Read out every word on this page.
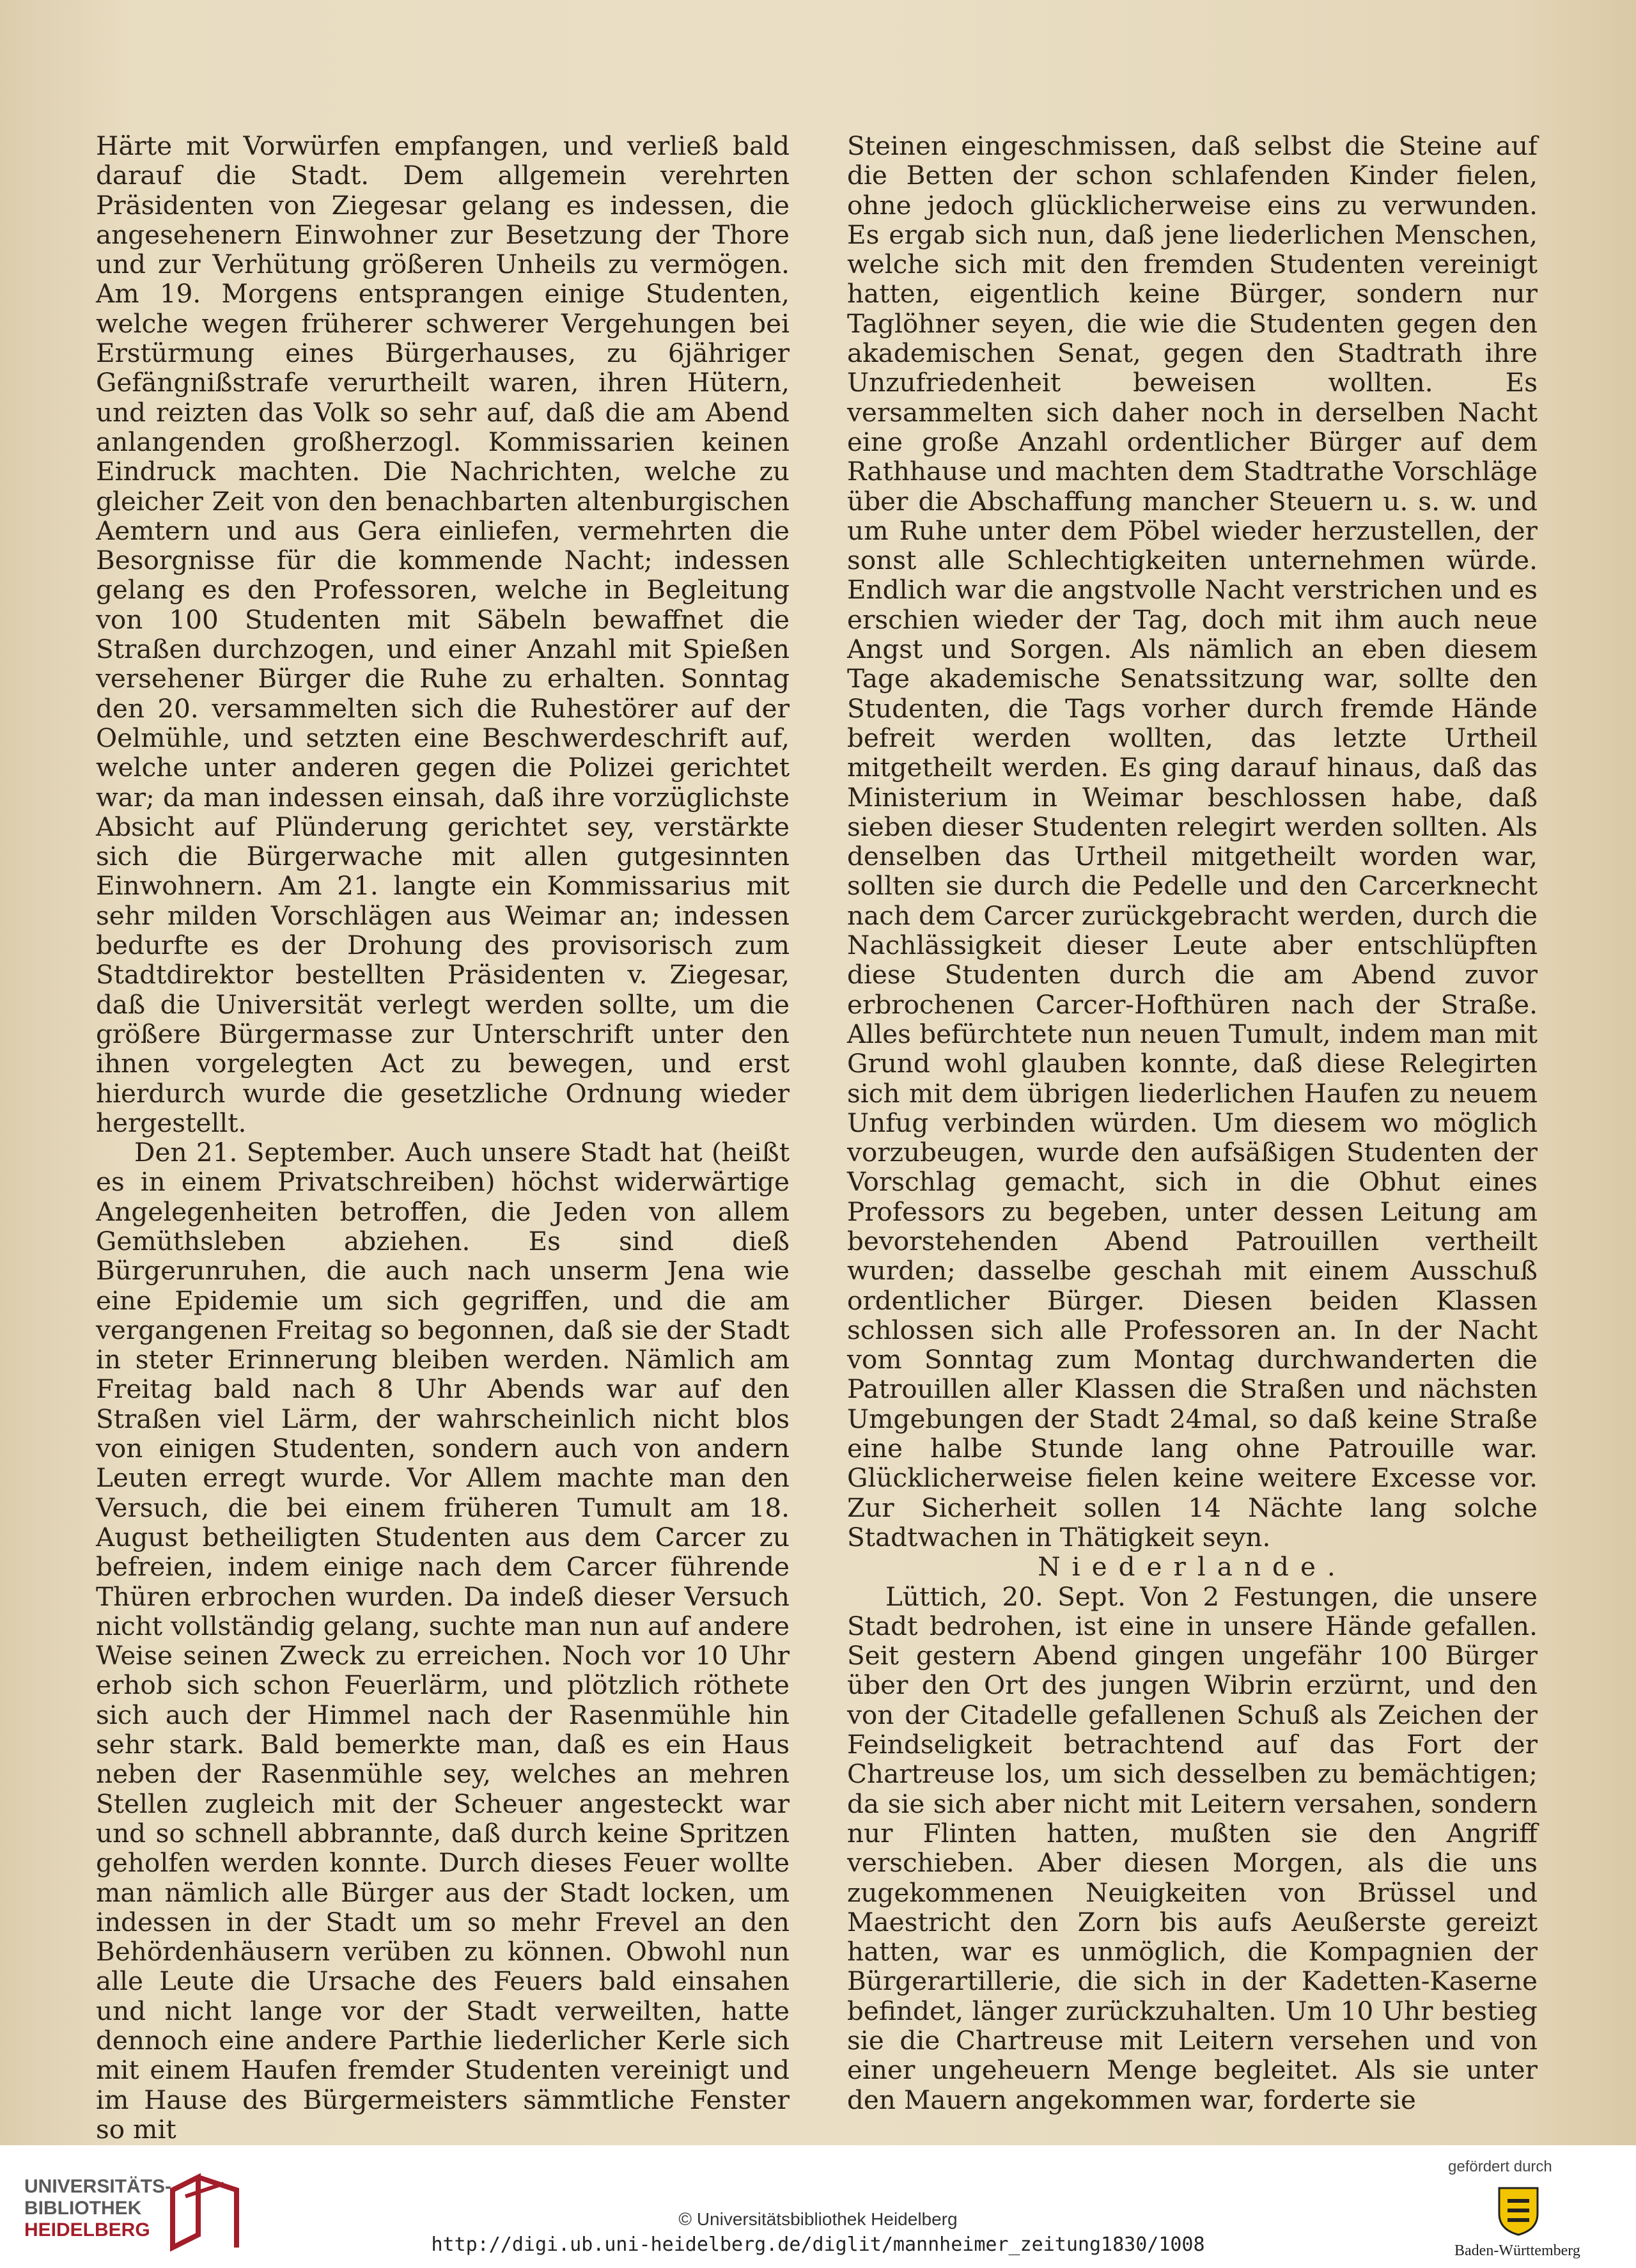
Härte mit Vorwürfen empfangen, und verließ bald darauf die Stadt. Dem allgemein verehrten Präsidenten von Ziegesar gelang es indessen, die angesehenern Einwohner zur Besetzung der Thore und zur Verhütung größeren Unheils zu vermögen. Am 19. Morgens entsprangen einige Studenten, welche wegen früherer schwerer Vergehungen bei Erstürmung eines Bürgerhauses, zu 6jähriger Gefängnißstrafe verurtheilt waren, ihren Hütern, und reizten das Volk so sehr auf, daß die am Abend anlangenden großherzogl. Kommissarien keinen Eindruck machten. Die Nachrichten, welche zu gleicher Zeit von den benachbarten altenburgischen Aemtern und aus Gera einliefen, vermehrten die Besorgnisse für die kommende Nacht; indessen gelang es den Professoren, welche in Begleitung von 100 Studenten mit Säbeln bewaffnet die Straßen durchzogen, und einer Anzahl mit Spießen versehener Bürger die Ruhe zu erhalten. Sonntag den 20. versammelten sich die Ruhestörer auf der Oelmühle, und setzten eine Beschwerdeschrift auf, welche unter anderen gegen die Polizei gerichtet war; da man indessen einsah, daß ihre vorzüglichste Absicht auf Plünderung gerichtet sey, verstärkte sich die Bürgerwache mit allen gutgesinnten Einwohnern. Am 21. langte ein Kommissarius mit sehr milden Vorschlägen aus Weimar an; indessen bedurfte es der Drohung des provisorisch zum Stadtdirektor bestellten Präsidenten v. Ziegesar, daß die Universität verlegt werden sollte, um die größere Bürgermasse zur Unterschrift unter den ihnen vorgelegten Act zu bewegen, und erst hierdurch wurde die gesetzliche Ordnung wieder hergestellt.

Den 21. September. Auch unsere Stadt hat (heißt es in einem Privatschreiben) höchst widerwärtige Angelegenheiten betroffen, die Jeden von allem Gemüthsleben abziehen. Es sind dieß Bürgerunruhen, die auch nach unserm Jena wie eine Epidemie um sich gegriffen, und die am vergangenen Freitag so begonnen, daß sie der Stadt in steter Erinnerung bleiben werden. Nämlich am Freitag bald nach 8 Uhr Abends war auf den Straßen viel Lärm, der wahrscheinlich nicht blos von einigen Studenten, sondern auch von andern Leuten erregt wurde. Vor Allem machte man den Versuch, die bei einem früheren Tumult am 18. August betheiligten Studenten aus dem Carcer zu befreien, indem einige nach dem Carcer führende Thüren erbrochen wurden. Da indeß dieser Versuch nicht vollständig gelang, suchte man nun auf andere Weise seinen Zweck zu erreichen. Noch vor 10 Uhr erhob sich schon Feuerlärm, und plötzlich röthete sich auch der Himmel nach der Rasenmühle hin sehr stark. Bald bemerkte man, daß es ein Haus neben der Rasenmühle sey, welches an mehren Stellen zugleich mit der Scheuer angesteckt war und so schnell abbrannte, daß durch keine Spritzen geholfen werden konnte. Durch dieses Feuer wollte man nämlich alle Bürger aus der Stadt locken, um indessen in der Stadt um so mehr Frevel an den Behördenhäusern verüben zu können. Obwohl nun alle Leute die Ursache des Feuers bald einsahen und nicht lange vor der Stadt verweilten, hatte dennoch eine andere Parthie liederlicher Kerle sich mit einem Haufen fremder Studenten vereinigt und im Hause des Bürgermeisters sämmtliche Fenster so mit

Steinen eingeschmissen, daß selbst die Steine auf die Betten der schon schlafenden Kinder fielen, ohne jedoch glücklicherweise eins zu verwunden. Es ergab sich nun, daß jene liederlichen Menschen, welche sich mit den fremden Studenten vereinigt hatten, eigentlich keine Bürger, sondern nur Taglöhner seyen, die wie die Studenten gegen den akademischen Senat, gegen den Stadtrath ihre Unzufriedenheit beweisen wollten. Es versammelten sich daher noch in derselben Nacht eine große Anzahl ordentlicher Bürger auf dem Rathhause und machten dem Stadtrathe Vorschläge über die Abschaffung mancher Steuern u. s. w. und um Ruhe unter dem Pöbel wieder herzustellen, der sonst alle Schlechtigkeiten unternehmen würde. Endlich war die angstvolle Nacht verstrichen und es erschien wieder der Tag, doch mit ihm auch neue Angst und Sorgen. Als nämlich an eben diesem Tage akademische Senatssitzung war, sollte den Studenten, die Tags vorher durch fremde Hände befreit werden wollten, das letzte Urtheil mitgetheilt werden. Es ging darauf hinaus, daß das Ministerium in Weimar beschlossen habe, daß sieben dieser Studenten relegirt werden sollten. Als denselben das Urtheil mitgetheilt worden war, sollten sie durch die Pedelle und den Carcerknecht nach dem Carcer zurückgebracht werden, durch die Nachlässigkeit dieser Leute aber entschlüpften diese Studenten durch die am Abend zuvor erbrochenen Carcer-Hofthüren nach der Straße. Alles befürchtete nun neuen Tumult, indem man mit Grund wohl glauben konnte, daß diese Relegirten sich mit dem übrigen liederlichen Haufen zu neuem Unfug verbinden würden. Um diesem wo möglich vorzubeugen, wurde den aufsäßigen Studenten der Vorschlag gemacht, sich in die Obhut eines Professors zu begeben, unter dessen Leitung am bevorstehenden Abend Patrouillen vertheilt wurden; dasselbe geschah mit einem Ausschuß ordentlicher Bürger. Diesen beiden Klassen schlossen sich alle Professoren an. In der Nacht vom Sonntag zum Montag durchwanderten die Patrouillen aller Klassen die Straßen und nächsten Umgebungen der Stadt 24mal, so daß keine Straße eine halbe Stunde lang ohne Patrouille war. Glücklicherweise fielen keine weitere Excesse vor. Zur Sicherheit sollen 14 Nächte lang solche Stadtwachen in Thätigkeit seyn.

Niederlande.

Lüttich, 20. Sept. Von 2 Festungen, die unsere Stadt bedrohen, ist eine in unsere Hände gefallen. Seit gestern Abend gingen ungefähr 100 Bürger über den Ort des jungen Wibrin erzürnt, und den von der Citadelle gefallenen Schuß als Zeichen der Feindseligkeit betrachtend auf das Fort der Chartreuse los, um sich desselben zu bemächtigen; da sie sich aber nicht mit Leitern versahen, sondern nur Flinten hatten, mußten sie den Angriff verschieben. Aber diesen Morgen, als die uns zugekommenen Neuigkeiten von Brüssel und Maestricht den Zorn bis aufs Aeußerste gereizt hatten, war es unmöglich, die Kompagnien der Bürgerartillerie, die sich in der Kadetten-Kaserne befindet, länger zurückzuhalten. Um 10 Uhr bestieg sie die Chartreuse mit Leitern versehen und von einer ungeheuern Menge begleitet. Als sie unter den Mauern angekommen war, forderte sie

UNIVERSITÄTS-
BIBLIOTHEK
HEIDELBERG
© Universitätsbibliothek Heidelberg
http://digi.ub.uni-heidelberg.de/diglit/mannheimer_zeitung1830/1008
gefördert durch
Baden-Württemberg
